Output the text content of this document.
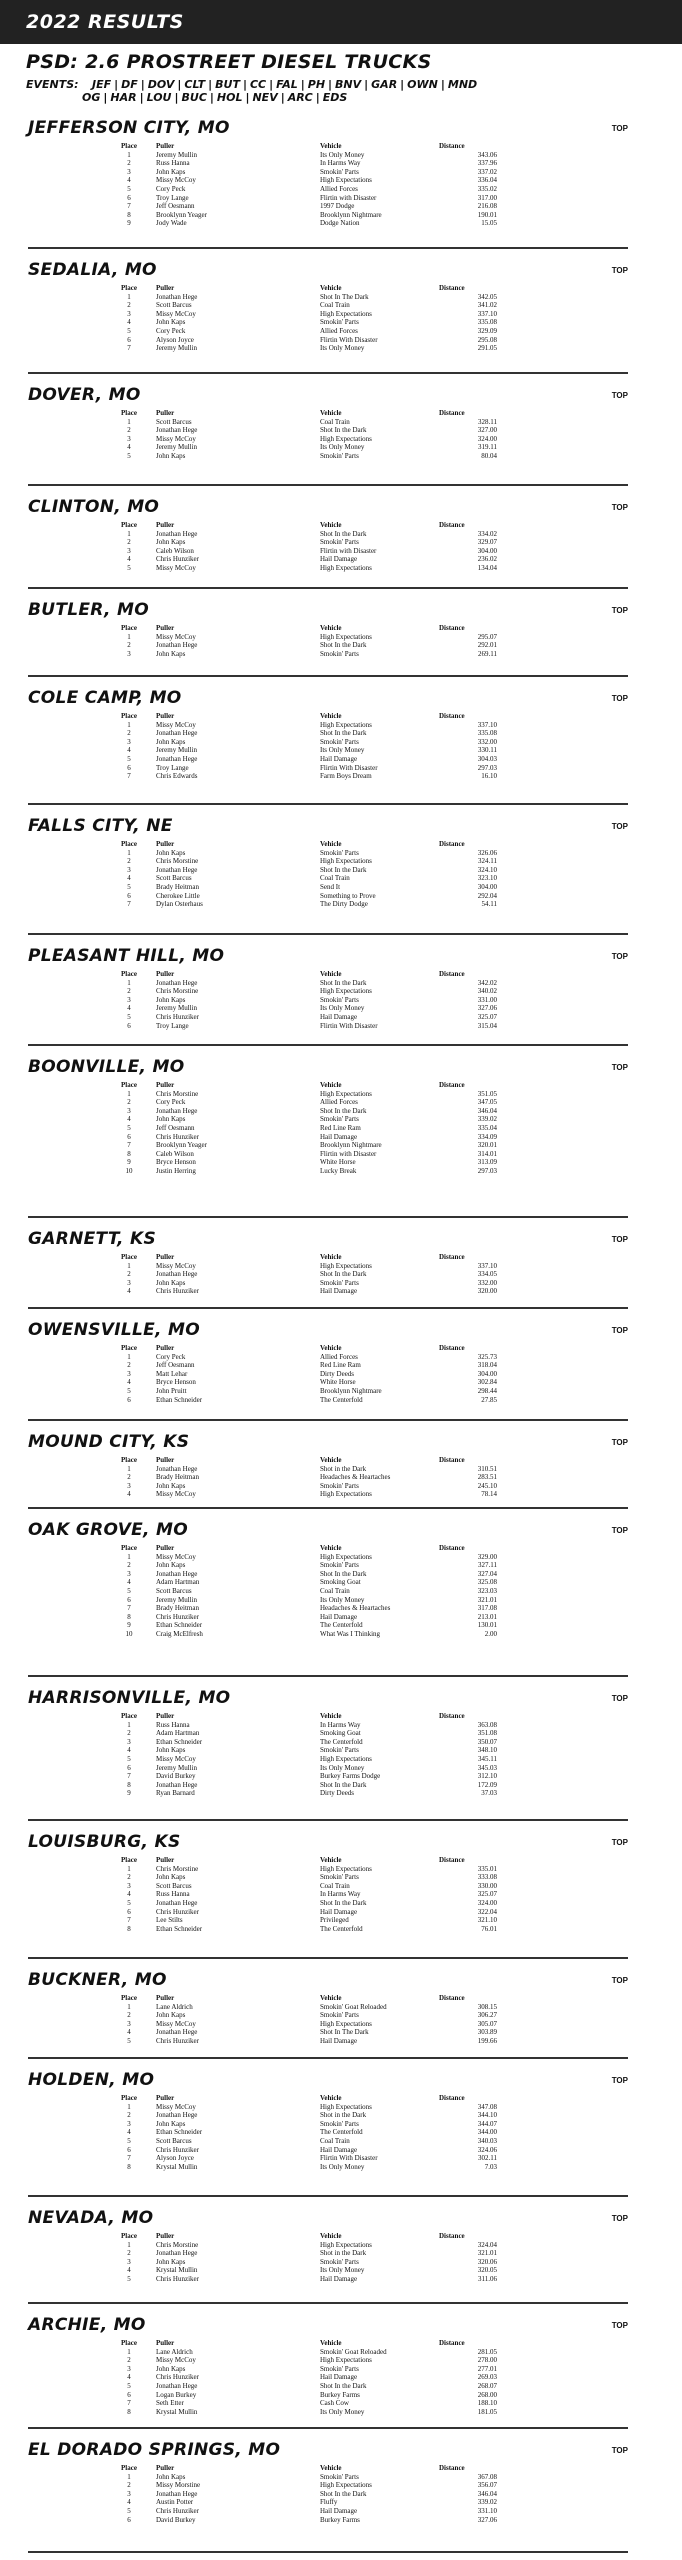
2022 RESULTS
PSD: 2.6 PROSTREET DIESEL TRUCKS
EVENTS: JEF | DF | DOV | CLT | BUT | CC | FAL | PH | BNV | GAR | OWN | MND
OG | HAR | LOU | BUC | HOL | NEV | ARC | EDS
JEFFERSON CITY, MO	TOP
Place	Puller	Vehicle	Distance
1	Jeremy Mullin	Its Only Money	343.06
2	Russ Hanna	In Harms Way	337.96
3	John Kaps	Smokin' Parts	337.02
4	Missy McCoy	High Expectations	336.04
5	Cory Peck	Allied Forces	335.02
6	Troy Lange	Flirtin with Disaster	317.00
7	Jeff Oesmann	1997 Dodge	216.08
8	Brooklynn Yeager	Brooklynn Nightmare	190.01
9	Jody Wade	Dodge Nation	15.05
SEDALIA, MO	TOP
Place	Puller	Vehicle	Distance
1	Jonathan Hege	Shot In The Dark	342.05
2	Scott Barcus	Coal Train	341.02
3	Missy McCoy	High Expectations	337.10
4	John Kaps	Smokin' Parts	335.08
5	Cory Peck	Allied Forces	329.09
6	Alyson Joyce	Flirtin With Disaster	295.08
7	Jeremy Mullin	Its Only Money	291.05
DOVER, MO	TOP
Place	Puller	Vehicle	Distance
1	Scott Barcus	Coal Train	328.11
2	Jonathan Hege	Shot In the Dark	327.00
3	Missy McCoy	High Expectations	324.00
4	Jeremy Mullin	Its Only Money	319.11
5	John Kaps	Smokin' Parts	80.04
CLINTON, MO	TOP
Place	Puller	Vehicle	Distance
1	Jonathan Hege	Shot In the Dark	334.02
2	John Kaps	Smokin' Parts	329.07
3	Caleb Wilson	Flirtin with Disaster	304.00
4	Chris Hunziker	Hail Damage	236.02
5	Missy McCoy	High Expectations	134.04
BUTLER, MO	TOP
Place	Puller	Vehicle	Distance
1	Missy McCoy	High Expectations	295.07
2	Jonathan Hege	Shot In the Dark	292.01
3	John Kaps	Smokin' Parts	269.11
COLE CAMP, MO	TOP
Place	Puller	Vehicle	Distance
1	Missy McCoy	High Expectations	337.10
2	Jonathan Hege	Shot In the Dark	335.08
3	John Kaps	Smokin' Parts	332.00
4	Jeremy Mullin	Its Only Money	330.11
5	Jonathan Hege	Hail Damage	304.03
6	Troy Lange	Flirtin With Disaster	297.03
7	Chris Edwards	Farm Boys Dream	16.10
FALLS CITY, NE	TOP
Place	Puller	Vehicle	Distance
1	John Kaps	Smokin' Parts	326.06
2	Chris Morstine	High Expectations	324.11
3	Jonathan Hege	Shot In the Dark	324.10
4	Scott Barcus	Coal Train	323.10
5	Brady Heitman	Send It	304.00
6	Cherokee Little	Something to Prove	292.04
7	Dylan Osterhaus	The Dirty Dodge	54.11
PLEASANT HILL, MO	TOP
Place	Puller	Vehicle	Distance
1	Jonathan Hege	Shot In the Dark	342.02
2	Chris Morstine	High Expectations	340.02
3	John Kaps	Smokin' Parts	331.00
4	Jeremy Mullin	Its Only Money	327.06
5	Chris Hunziker	Hail Damage	325.07
6	Troy Lange	Flirtin With Disaster	315.04
BOONVILLE, MO	TOP
Place	Puller	Vehicle	Distance
1	Chris Morstine	High Expectations	351.05
2	Cory Peck	Allied Forces	347.05
3	Jonathan Hege	Shot In the Dark	346.04
4	John Kaps	Smokin' Parts	339.02
5	Jeff Oesmann	Red Line Ram	335.04
6	Chris Hunziker	Hail Damage	334.09
7	Brooklynn Yeager	Brooklynn Nightmare	320.01
8	Caleb Wilson	Flirtin with Disaster	314.01
9	Bryce Henson	White Horse	313.09
10	Justin Herring	Lucky Break	297.03
GARNETT, KS	TOP
Place	Puller	Vehicle	Distance
1	Missy McCoy	High Expectations	337.10
2	Jonathan Hege	Shot In the Dark	334.05
3	John Kaps	Smokin' Parts	332.00
4	Chris Hunziker	Hail Damage	320.00
OWENSVILLE, MO	TOP
Place	Puller	Vehicle	Distance
1	Cory Peck	Allied Forces	325.73
2	Jeff Oesmann	Red Line Ram	318.04
3	Matt Lehar	Dirty Deeds	304.00
4	Bryce Henson	White Horse	302.84
5	John Pruitt	Brooklynn Nightmare	298.44
6	Ethan Schneider	The Centerfold	27.85
MOUND CITY, KS	TOP
Place	Puller	Vehicle	Distance
1	Jonathan Hege	Shot in the Dark	310.51
2	Brady Heitman	Headaches & Heartaches	283.51
3	John Kaps	Smokin' Parts	245.10
4	Missy McCoy	High Expectations	78.14
OAK GROVE, MO	TOP
Place	Puller	Vehicle	Distance
1	Missy McCoy	High Expectations	329.00
2	John Kaps	Smokin' Parts	327.11
3	Jonathan Hege	Shot In the Dark	327.04
4	Adam Hartman	Smoking Goat	325.08
5	Scott Barcus	Coal Train	323.03
6	Jeremy Mullin	Its Only Money	321.01
7	Brady Heitman	Headaches & Heartaches	317.08
8	Chris Hunziker	Hail Damage	213.01
9	Ethan Schneider	The Centerfold	130.01
10	Craig McElfresh	What Was I Thinking	2.00
HARRISONVILLE, MO	TOP
Place	Puller	Vehicle	Distance
1	Russ Hanna	In Harms Way	363.08
2	Adam Hartman	Smoking Goat	351.08
3	Ethan Schneider	The Centerfold	350.07
4	John Kaps	Smokin' Parts	348.10
5	Missy McCoy	High Expectations	345.11
6	Jeremy Mullin	Its Only Money	345.03
7	David Burkey	Burkey Farms Dodge	312.10
8	Jonathan Hege	Shot In the Dark	172.09
9	Ryan Barnard	Dirty Deeds	37.03
LOUISBURG, KS	TOP
Place	Puller	Vehicle	Distance
1	Chris Morstine	High Expectations	335.01
2	John Kaps	Smokin' Parts	333.08
3	Scott Barcus	Coal Train	330.00
4	Russ Hanna	In Harms Way	325.07
5	Jonathan Hege	Shot In the Dark	324.00
6	Chris Hunziker	Hail Damage	322.04
7	Lee Stilts	Privileged	321.10
8	Ethan Schneider	The Centerfold	76.01
BUCKNER, MO	TOP
Place	Puller	Vehicle	Distance
1	Lane Aldrich	Smokin' Goat Reloaded	308.15
2	John Kaps	Smokin' Parts	306.27
3	Missy McCoy	High Expectations	305.07
4	Jonathan Hege	Shot In The Dark	303.89
5	Chris Hunziker	Hail Damage	199.66
HOLDEN, MO	TOP
Place	Puller	Vehicle	Distance
1	Missy McCoy	High Expectations	347.08
2	Jonathan Hege	Shot in the Dark	344.10
3	John Kaps	Smokin' Parts	344.07
4	Ethan Schneider	The Centerfold	344.00
5	Scott Barcus	Coal Train	340.03
6	Chris Hunziker	Hail Damage	324.06
7	Alyson Joyce	Flirtin With Disaster	302.11
8	Krystal Mullin	Its Only Money	7.03
NEVADA, MO	TOP
Place	Puller	Vehicle	Distance
1	Chris Morstine	High Expectations	324.04
2	Jonathan Hege	Shot in the Dark	321.01
3	John Kaps	Smokin' Parts	320.06
4	Krystal Mullin	Its Only Money	320.05
5	Chris Hunziker	Hail Damage	311.06
ARCHIE, MO	TOP
Place	Puller	Vehicle	Distance
1	Lane Aldrich	Smokin' Goat Reloaded	281.05
2	Missy McCoy	High Expectations	278.00
3	John Kaps	Smokin' Parts	277.01
4	Chris Hunziker	Hail Damage	269.03
5	Jonathan Hege	Shot In the Dark	268.07
6	Logan Burkey	Burkey Farms	268.00
7	Seth Etter	Cash Cow	188.10
8	Krystal Mullin	Its Only Money	181.05
EL DORADO SPRINGS, MO	TOP
Place	Puller	Vehicle	Distance
1	John Kaps	Smokin' Parts	367.08
2	Missy Morstine	High Expectations	356.07
3	Jonathan Hege	Shot In the Dark	346.04
4	Austin Potter	Fluffy	339.02
5	Chris Hunziker	Hail Damage	331.10
6	David Burkey	Burkey Farms	327.06
